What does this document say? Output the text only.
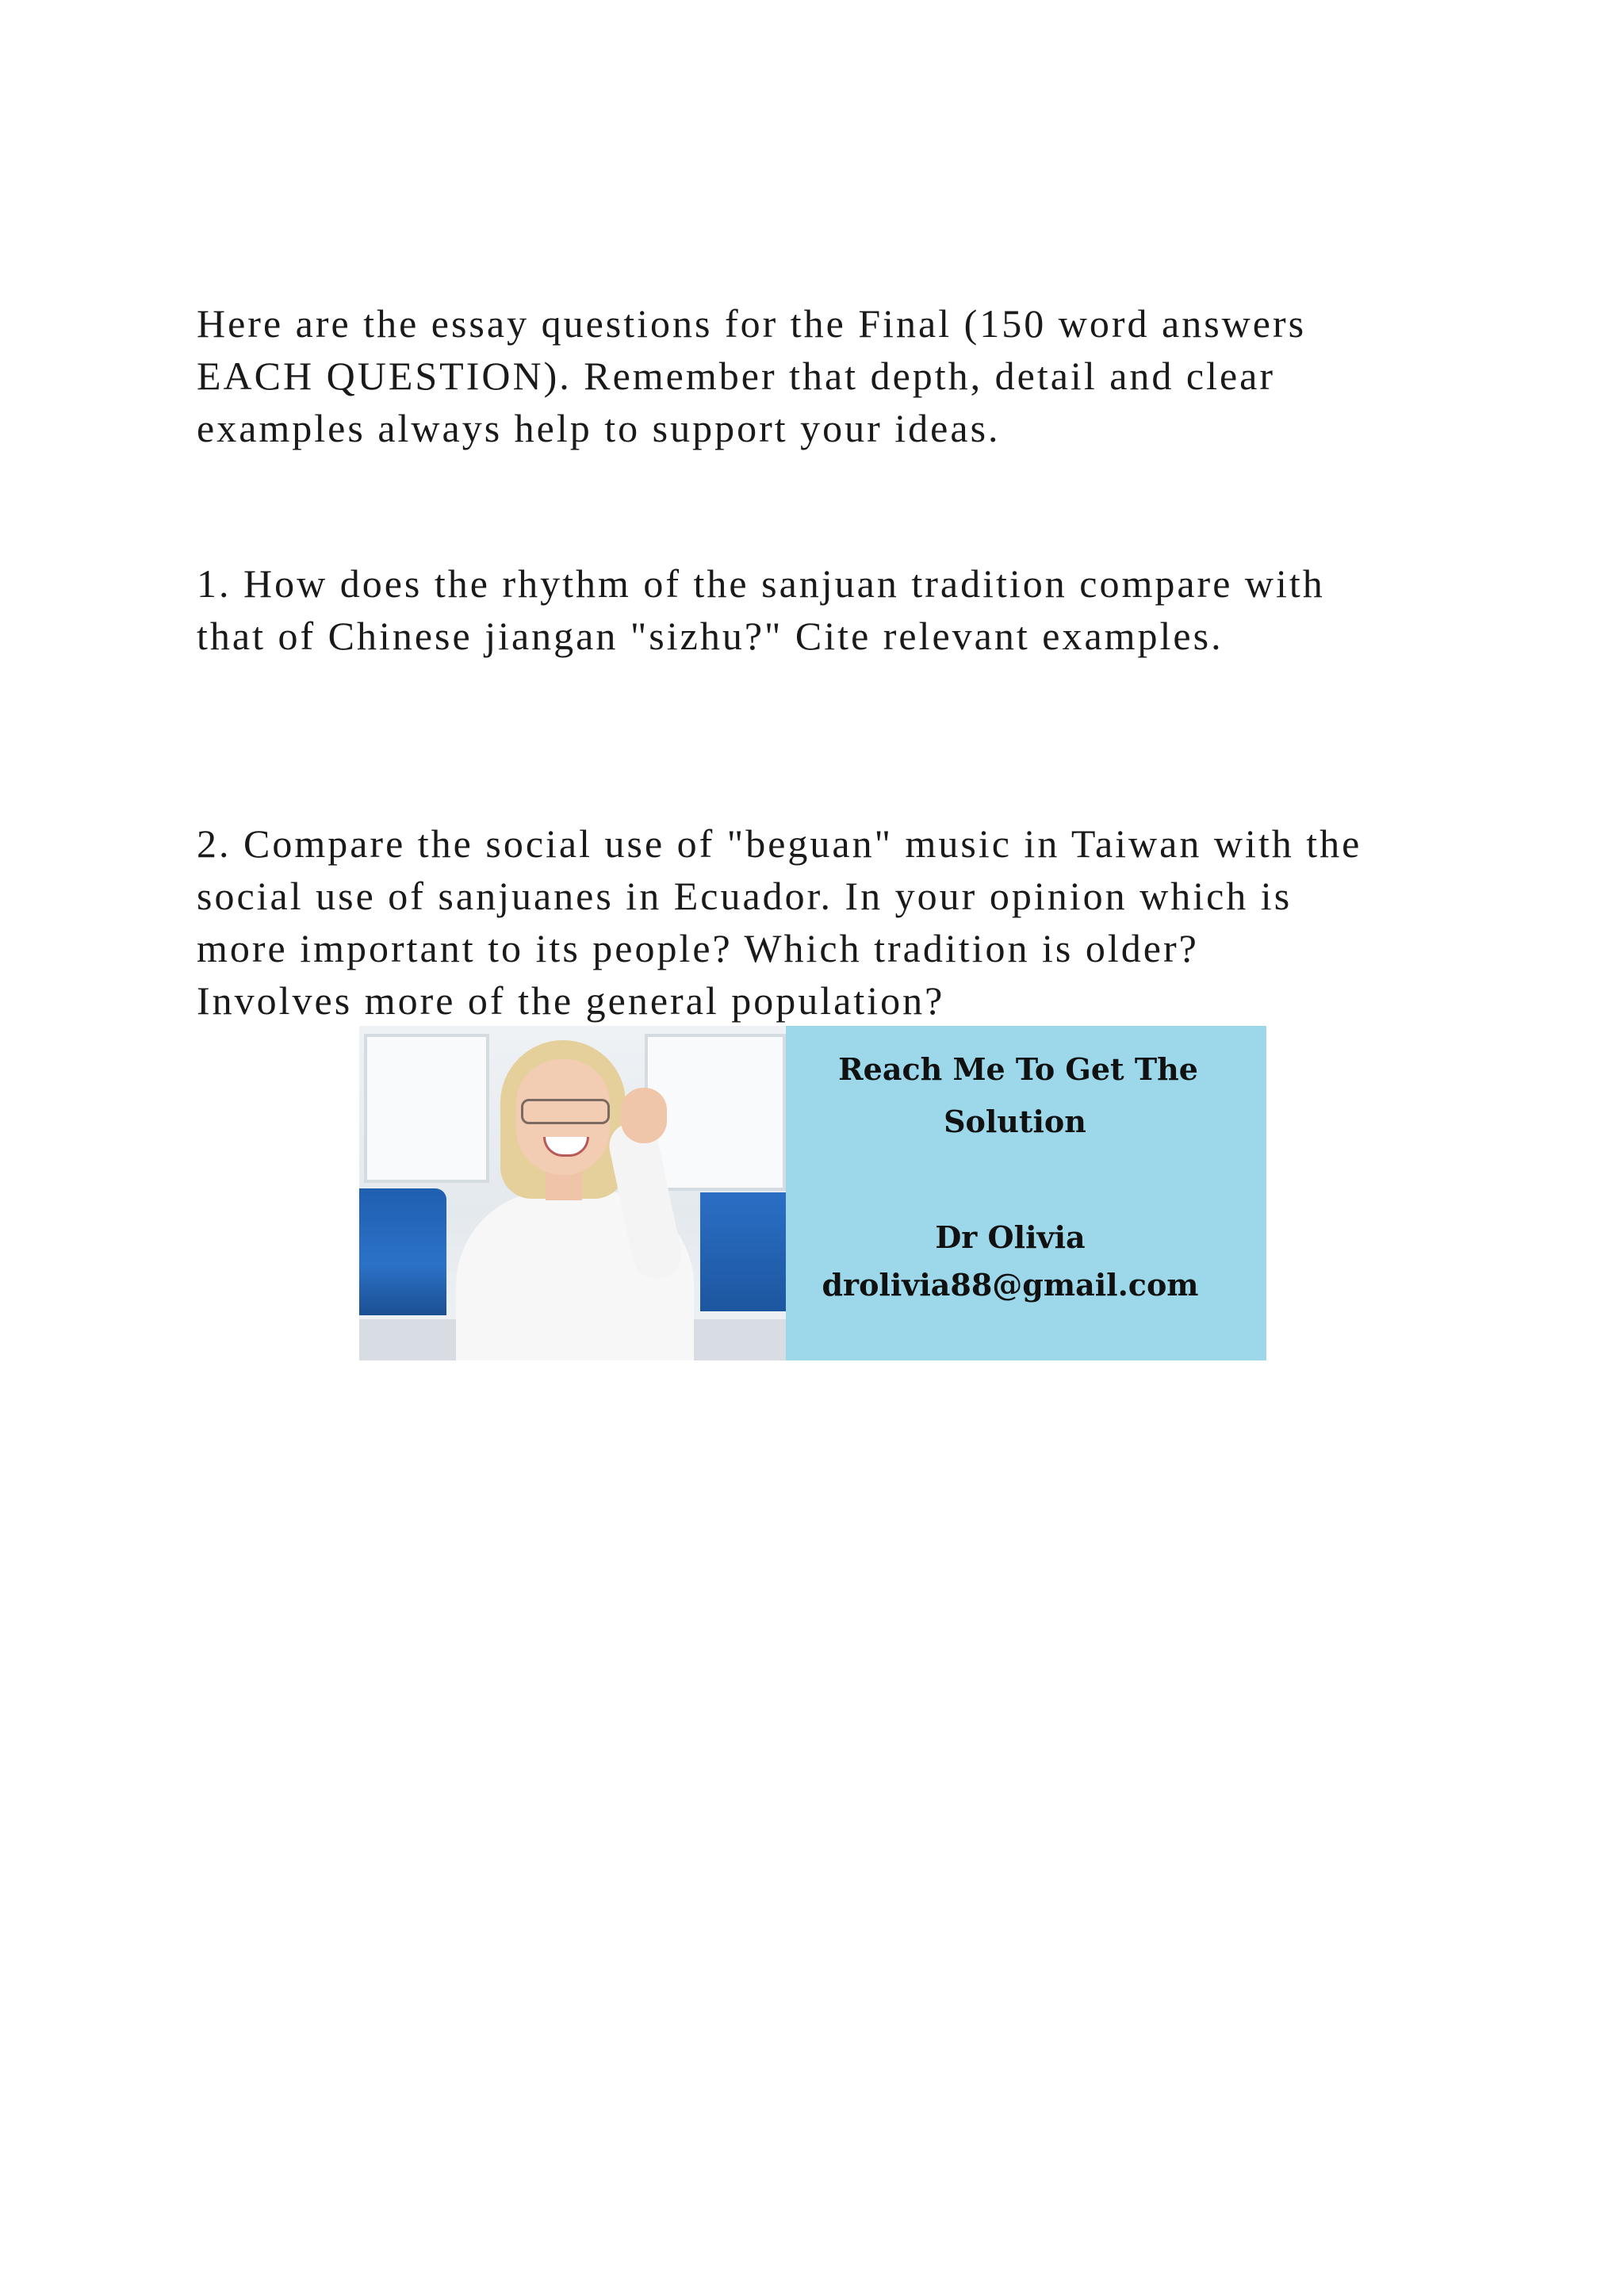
Here are the essay questions for the Final (150 word answers
EACH QUESTION). Remember that depth, detail and clear
examples always help to support your ideas.

1. How does the rhythm of the sanjuan tradition compare with
that of Chinese jiangan "sizhu?" Cite relevant examples.

2. Compare the social use of "beguan" music in Taiwan with the
social use of sanjuanes in Ecuador. In your opinion which is
more important to its people? Which tradition is older?
Involves more of the general population?

Reach Me To Get The

Solution

Dr Olivia

drolivia88@gmail.com
